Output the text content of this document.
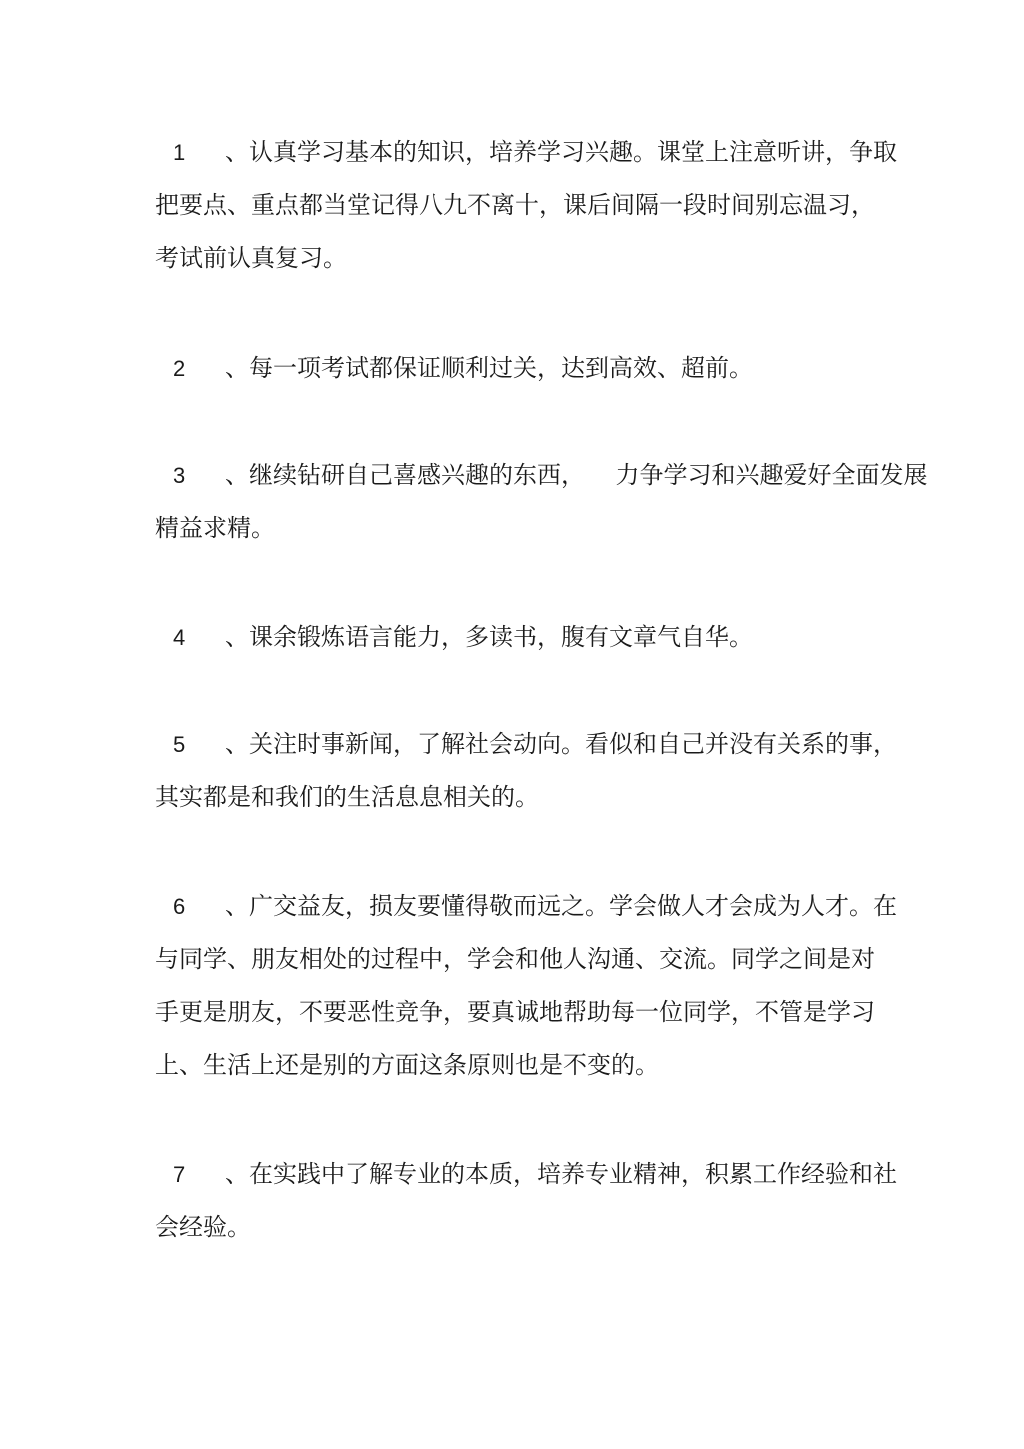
1 、认真学习基本的知识，培养学习兴趣。课堂上注意听讲，争取
把要点、重点都当堂记得八九不离十，课后间隔一段时间别忘温习，
考试前认真复习。
2 、每一项考试都保证顺利过关，达到高效、超前。
3 、继续钻研自己喜感兴趣的东西，    力争学习和兴趣爱好全面发展
精益求精。
4 、课余锻炼语言能力，多读书，腹有文章气自华。
5 、关注时事新闻，了解社会动向。看似和自己并没有关系的事，
其实都是和我们的生活息息相关的。
6 、广交益友，损友要懂得敬而远之。学会做人才会成为人才。在
与同学、朋友相处的过程中，学会和他人沟通、交流。同学之间是对
手更是朋友，不要恶性竞争，要真诚地帮助每一位同学，不管是学习
上、生活上还是别的方面这条原则也是不变的。
7 、在实践中了解专业的本质，培养专业精神，积累工作经验和社
会经验。
